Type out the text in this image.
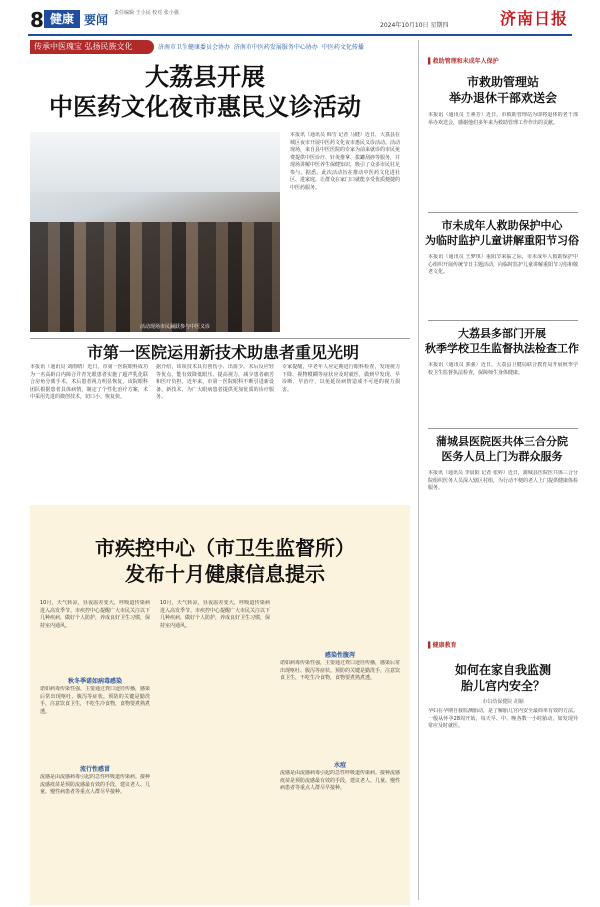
8 健康 要闻 责任编辑 王小民 校对 张小强
2024年10月10日 星期四	济南日报
传承中医瑰宝 弘扬民族文化	济南市卫生健康委员会协办 济南市中医药发展服务中心协办 中医药文化传播
大荔县开展
中医药文化夜市惠民义诊活动
活动现场市民踊跃参与中医义诊
本报讯（通讯员 韩雪 记者 马健）近日，大荔县在城区夜市开展中医药文化夜市惠民义诊活动。活动现场，来自县中医医院的专家为前来就诊的市民免费提供中医诊疗、针灸推拿、拔罐刮痧等服务，并现场讲解中医养生保健知识，吸引了众多市民驻足参与。据悉，此次活动旨在推动中医药文化进社区、进家庭，让群众在家门口就能享受优质便捷的中医药服务。
市第一医院运用新技术助患者重见光明
本报讯（通讯员 刘雨晴）近日，市第一医院眼科成功为一名高龄白内障合并青光眼患者实施了超声乳化联合房角分离手术，术后患者视力明显恢复。该院眼科团队根据患者具体病情，制定了个性化治疗方案，术中采用先进的微创技术，切口小、恢复快。
据介绍，该项技术具有创伤小、出血少、术后反应轻等优点，能有效降低眼压、提高视力，减少患者痛苦和医疗负担。近年来，市第一医院眼科不断引进新设备、新技术，为广大眼病患者提供更加优质的诊疗服务。
专家提醒，中老年人应定期进行眼科检查，发现视力下降、视物模糊等症状应及时就医，做到早发现、早诊断、早治疗，以免延误病情造成不可逆的视力损害。
市疾控中心（市卫生监督所）
发布十月健康信息提示
10月，天气转凉，昼夜温差变大，呼吸道传染病进入高发季节。市疾控中心提醒广大市民关注以下几种疾病，做好个人防护，养成良好卫生习惯，保持室内通风。
秋冬季诺如病毒感染
诺如病毒传染性强，主要通过粪口途径传播，感染后常出现呕吐、腹泻等症状。预防的关键是勤洗手，注意饮食卫生，不吃生冷食物，食物要煮熟煮透。
流行性感冒
流感是由流感病毒引起的急性呼吸道传染病。接种流感疫苗是预防流感最有效的手段，建议老人、儿童、慢性病患者等重点人群尽早接种。
10月，天气转凉，昼夜温差变大，呼吸道传染病进入高发季节。市疾控中心提醒广大市民关注以下几种疾病，做好个人防护，养成良好卫生习惯，保持室内通风。
感染性腹泻
诺如病毒传染性强，主要通过粪口途径传播，感染后常出现呕吐、腹泻等症状。预防的关键是勤洗手，注意饮食卫生，不吃生冷食物，食物要煮熟煮透。
水痘
流感是由流感病毒引起的急性呼吸道传染病。接种流感疫苗是预防流感最有效的手段，建议老人、儿童、慢性病患者等重点人群尽早接种。
▌救助管理和未成年人保护
市救助管理站
举办退休干部欢送会
本报讯（通讯员 王素芳）近日，市救助管理站为即将退休的老干部举办欢送会，感谢他们多年来为救助管理工作作出的贡献。
市未成年人救助保护中心
为临时监护儿童讲解重阳节习俗
本报讯（通讯员 王梦琪）重阳节来临之际，市未成年人救助保护中心组织开展传统节日主题活动，向临时监护儿童讲解重阳节习俗和敬老文化。
大荔县多部门开展
秋季学校卫生监督执法检查工作
本报讯（通讯员 郭强）近日，大荔县卫健局联合教育局开展秋季学校卫生监督执法检查，保障师生身体健康。
蒲城县医院医共体三合分院
医务人员上门为群众服务
本报讯（通讯员 李晨阳 记者 张婷）近日，蒲城县医院医共体三合分院组织医务人员深入辖区村组，为行动不便的老人上门提供健康体检服务。
▌健康教育
如何在家自我监测
胎儿宫内安全？
市妇幼保健院 胡颖
孕妇在孕期自我监测胎动，是了解胎儿宫内安全最简单有效的方法。一般从怀孕28周开始，每天早、中、晚各数一小时胎动，如发现异常应及时就医。
